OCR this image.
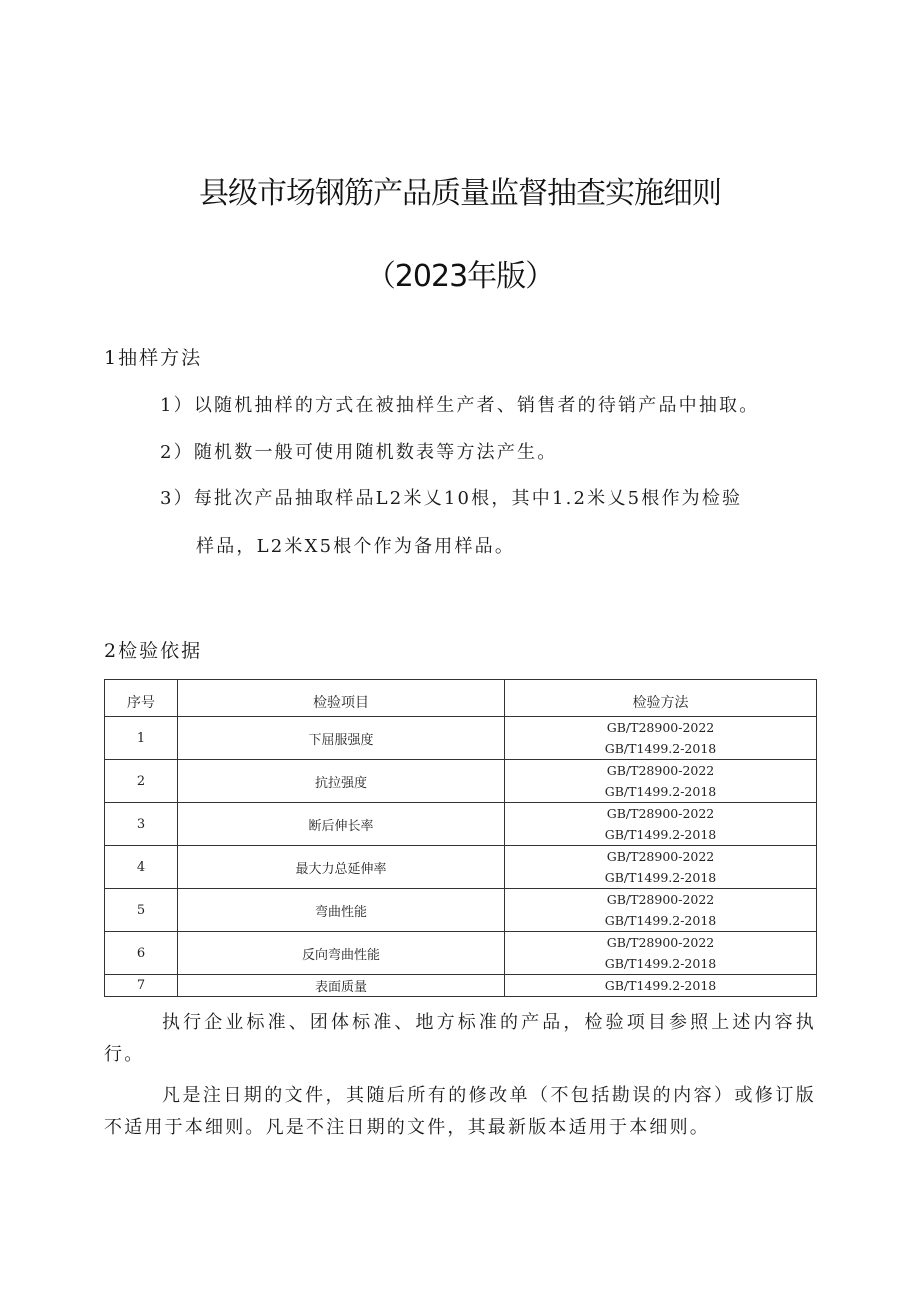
县级市场钢筋产品质量监督抽查实施细则
（2023年版）
1抽样方法
1）以随机抽样的方式在被抽样生产者、销售者的待销产品中抽取。
2）随机数一般可使用随机数表等方法产生。
3）每批次产品抽取样品L2米乂10根，其中1.2米乂5根作为检验
样品，L2米X5根个作为备用样品。
2检验依据
序号	检验项目	检验方法
1	下屈服强度	GB/T28900-2022
GB/T1499.2-2018

2	抗拉强度	GB/T28900-2022
GB/T1499.2-2018

3	断后伸长率	GB/T28900-2022
GB/T1499.2-2018

4	最大力总延伸率	GB/T28900-2022
GB/T1499.2-2018

5	弯曲性能	GB/T28900-2022
GB/T1499.2-2018

6	反向弯曲性能	GB/T28900-2022
GB/T1499.2-2018

7	表面质量	GB/T1499.2-2018
执行企业标准、团体标准、地方标准的产品，检验项目参照上述内容执行。
凡是注日期的文件，其随后所有的修改单（不包括勘误的内容）或修订版不适用于本细则。凡是不注日期的文件，其最新版本适用于本细则。
